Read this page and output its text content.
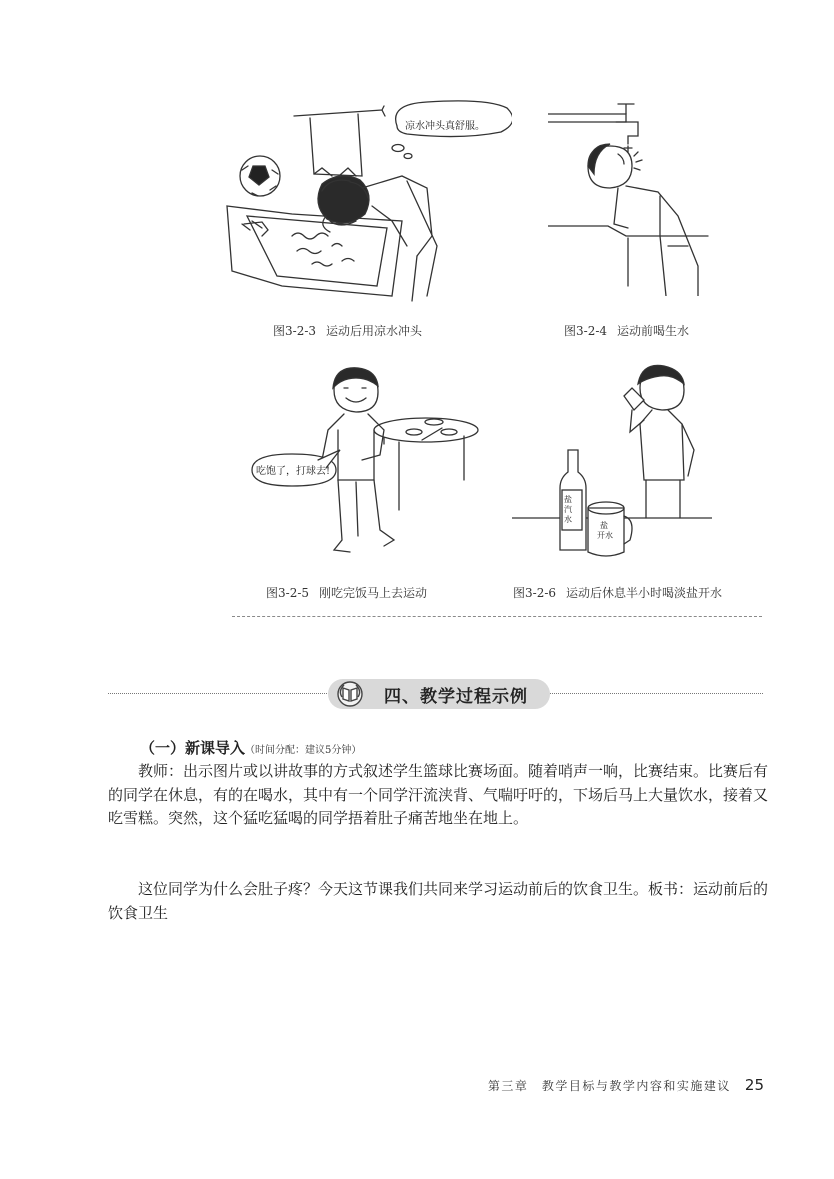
凉水冲头真舒服。
图3-2-3 运动后用凉水冲头	图3-2-4 运动前喝生水
吃饱了，打球去!
图3-2-5 刚吃完饭马上去运动
盐
汽
水
盐
开水
图3-2-6 运动后休息半小时喝淡盐开水
四、教学过程示例
（一）新课导入（时间分配：建议5分钟）
教师：出示图片或以讲故事的方式叙述学生篮球比赛场面。随着哨声一响，比赛结束。比赛后有的同学在休息，有的在喝水，其中有一个同学汗流浃背、气喘吁吁的，下场后马上大量饮水，接着又吃雪糕。突然，这个猛吃猛喝的同学捂着肚子痛苦地坐在地上。
这位同学为什么会肚子疼？今天这节课我们共同来学习运动前后的饮食卫生。板书：运动前后的饮食卫生
第三章　教学目标与教学内容和实施建议 25
